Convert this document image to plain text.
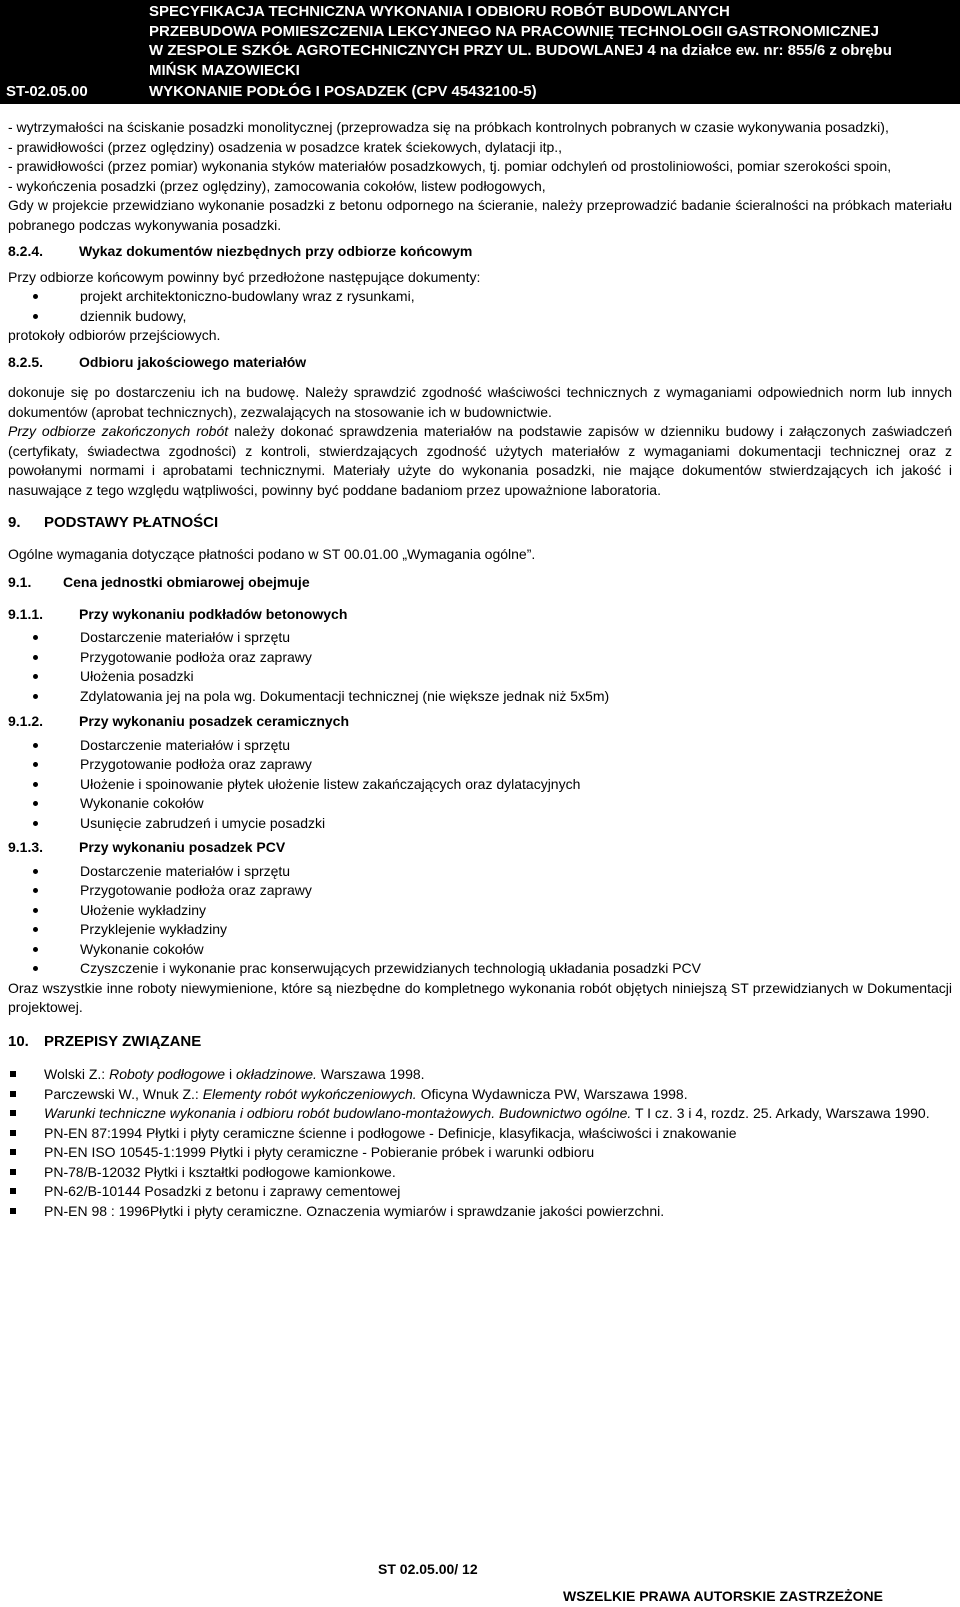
SPECYFIKACJA TECHNICZNA WYKONANIA I ODBIORU ROBÓT BUDOWLANYCH
PRZEBUDOWA POMIESZCZENIA LEKCYJNEGO NA PRACOWNIĘ TECHNOLOGII GASTRONOMICZNEJ
W ZESPOLE SZKÓŁ AGROTECHNICZNYCH PRZY UL. BUDOWLANEJ 4 na działce ew. nr: 855/6 z obrębu
MIŃSK MAZOWIECKI
ST-02.05.00	WYKONANIE PODŁÓG I POSADZEK (CPV 45432100-5)

- wytrzymałości na ściskanie posadzki monolitycznej (przeprowadza się na próbkach kontrolnych pobranych w czasie wykonywania posadzki),

- prawidłowości (przez oględziny) osadzenia w posadzce kratek ściekowych, dylatacji itp.,

- prawidłowości (przez pomiar) wykonania styków materiałów posadzkowych, tj. pomiar odchyleń od prostoliniowości, pomiar szerokości spoin,

- wykończenia posadzki (przez oględziny), zamocowania cokołów, listew podłogowych,

Gdy w projekcie przewidziano wykonanie posadzki z betonu odpornego na ścieranie, należy przeprowadzić badanie ścieralności na próbkach materiału pobranego podczas wykonywania posadzki.

8.2.4.	Wykaz dokumentów niezbędnych przy odbiorze końcowym

Przy odbiorze końcowym powinny być przedłożone następujące dokumenty:

projekt architektoniczno-budowlany wraz z rysunkami,
dziennik budowy,

protokoły odbiorów przejściowych.

8.2.5.	Odbioru jakościowego materiałów

dokonuje się po dostarczeniu ich na budowę. Należy sprawdzić zgodność właściwości technicznych z wymaganiami odpowiednich norm lub innych dokumentów (aprobat technicznych), zezwalających na stosowanie ich w budownictwie.

Przy odbiorze zakończonych robót należy dokonać sprawdzenia materiałów na podstawie zapisów w dzienniku budowy i załączonych zaświadczeń (certyfikaty, świadectwa zgodności) z kontroli, stwierdzających zgodność użytych materiałów z wymaganiami dokumentacji technicznej oraz z powołanymi normami i aprobatami technicznymi. Materiały użyte do wykonania posadzki, nie mające dokumentów stwierdzających ich jakość i nasuwające z tego względu wątpliwości, powinny być poddane badaniom przez upoważnione laboratoria.

9.	PODSTAWY PŁATNOŚCI

Ogólne wymagania dotyczące płatności podano w ST 00.01.00 „Wymagania ogólne”.

9.1.	Cena jednostki obmiarowej obejmuje
9.1.1.	Przy wykonaniu podkładów betonowych
Dostarczenie materiałów i sprzętu
Przygotowanie podłoża oraz zaprawy
Ułożenia posadzki
Zdylatowania jej na pola wg. Dokumentacji technicznej (nie większe jednak niż 5x5m)
9.1.2.	Przy wykonaniu posadzek ceramicznych
Dostarczenie materiałów i sprzętu
Przygotowanie podłoża oraz zaprawy
Ułożenie i spoinowanie płytek ułożenie listew zakańczających oraz dylatacyjnych
Wykonanie cokołów
Usunięcie zabrudzeń i umycie posadzki
9.1.3.	Przy wykonaniu posadzek PCV
Dostarczenie materiałów i sprzętu
Przygotowanie podłoża oraz zaprawy
Ułożenie wykładziny
Przyklejenie wykładziny
Wykonanie cokołów
Czyszczenie i wykonanie prac konserwujących przewidzianych technologią układania posadzki PCV

Oraz wszystkie inne roboty niewymienione, które są niezbędne do kompletnego wykonania robót objętych niniejszą ST przewidzianych w Dokumentacji projektowej.

10.	PRZEPISY ZWIĄZANE
Wolski Z.: Roboty podłogowe i okładzinowe. Warszawa 1998.
Parczewski W., Wnuk Z.: Elementy robót wykończeniowych. Oficyna Wydawnicza PW, Warszawa 1998.
Warunki techniczne wykonania i odbioru robót budowlano-montażowych. Budownictwo ogólne. T I cz. 3 i 4, rozdz. 25. Arkady, Warszawa 1990.
PN-EN 87:1994 Płytki i płyty ceramiczne ścienne i podłogowe - Definicje, klasyfikacja, właściwości i znakowanie
PN-EN ISO 10545-1:1999 Płytki i płyty ceramiczne - Pobieranie próbek i warunki odbioru
PN-78/B-12032 Płytki i kształtki podłogowe kamionkowe.
PN-62/B-10144 Posadzki z betonu i zaprawy cementowej
PN-EN 98 : 1996Płytki i płyty ceramiczne. Oznaczenia wymiarów i sprawdzanie jakości powierzchni.
ST 02.05.00/ 12
WSZELKIE PRAWA AUTORSKIE ZASTRZEŻONE
